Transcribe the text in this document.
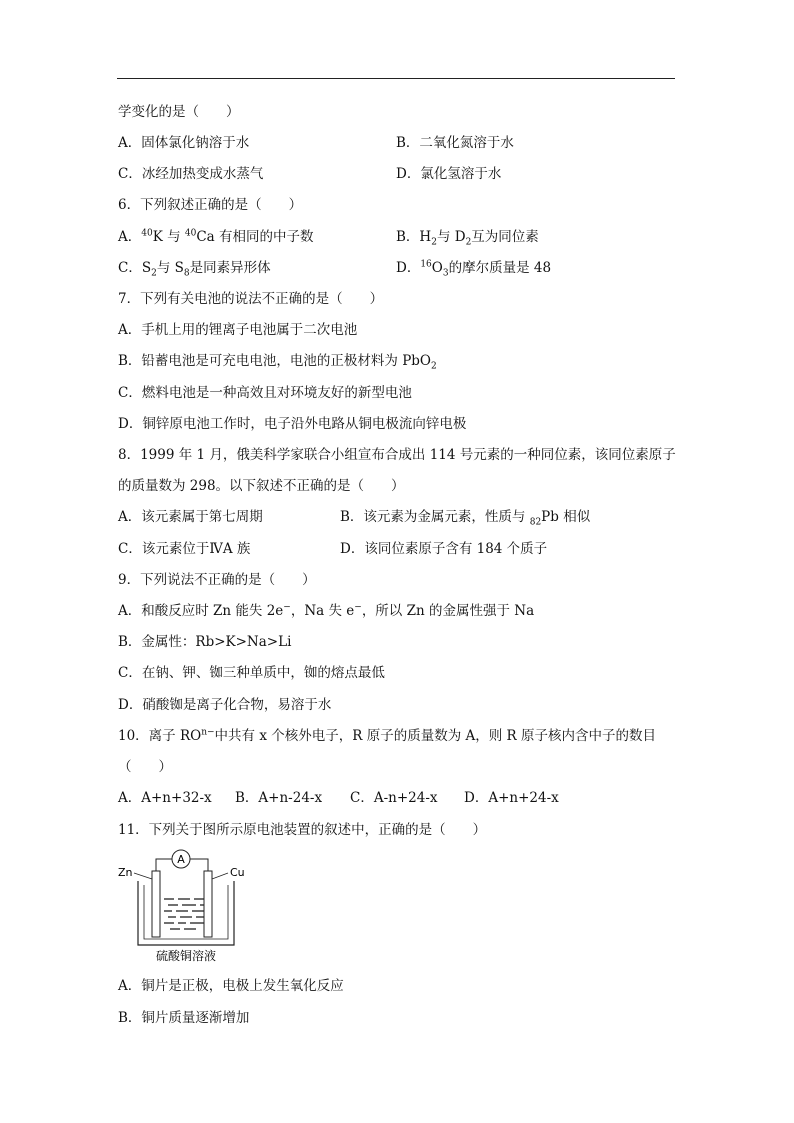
学变化的是（　　）
A．固体氯化钠溶于水	B．二氧化氮溶于水
C．冰经加热变成水蒸气	D．氯化氢溶于水
6．下列叙述正确的是（　　）
A．$^{40}$K 与 $^{40}$Ca 有相同的中子数	B．$H_2$与 $D_2$互为同位素
C．$S_2$与 $S_8$是同素异形体	D．$^{16}O_3$的摩尔质量是 48
7．下列有关电池的说法不正确的是（　　）
A．手机上用的锂离子电池属于二次电池
B．铅蓄电池是可充电电池，电池的正极材料为 PbO$_2$
C．燃料电池是一种高效且对环境友好的新型电池
D．铜锌原电池工作时，电子沿外电路从铜电极流向锌电极
8．1999 年 1 月，俄美科学家联合小组宣布合成出 114 号元素的一种同位素，该同位素原子
的质量数为 298。以下叙述不正确的是（　　）
A．该元素属于第七周期	B．该元素为金属元素，性质与 $_{82}$Pb 相似
C．该元素位于ⅣA 族	D．该同位素原子含有 184 个质子
9．下列说法不正确的是（　　）
A．和酸反应时 Zn 能失 2e−，Na 失 e−，所以 Zn 的金属性强于 Na
B．金属性：Rb>K>Na>Li
C．在钠、钾、铷三种单质中，铷的熔点最低
D．硝酸铷是离子化合物，易溶于水
10．离子 $RO^{n-}$中共有 x 个核外电子，R 原子的质量数为 A，则 R 原子核内含中子的数目
（　　）
A．A+n+32-x B．A+n-24-x C．A-n+24-x D．A+n+24-x
11．下列关于图所示原电池装置的叙述中，正确的是（　　）
A
Zn	Cu
硫酸铜溶液
A．铜片是正极，电极上发生氧化反应
B．铜片质量逐渐增加
